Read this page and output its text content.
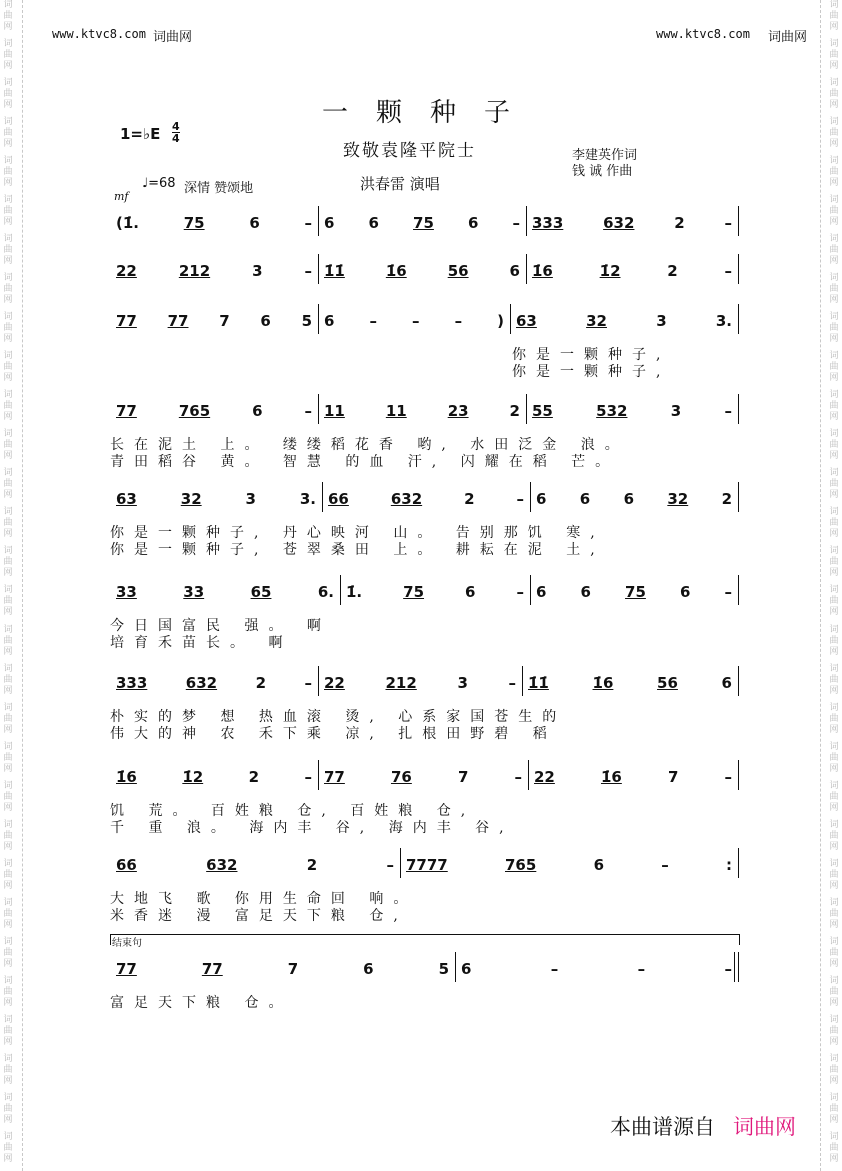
词
曲
网
词
曲
网
词
曲
网
词
曲
网
词
曲
网
词
曲
网
词
曲
网
词
曲
网
词
曲
网
词
曲
网
词
曲
网
词
曲
网
词
曲
网
词
曲
网
词
曲
网
词
曲
网
词
曲
网
词
曲
网
词
曲
网
词
曲
网
词
曲
网
词
曲
网
词
曲
网
词
曲
网
词
曲
网
词
曲
网
词
曲
网
词
曲
网
词
曲
网
词
曲
网
词
曲
网
词
曲
网
词
曲
网
词
曲
网
词
曲
网
词
曲
网
词
曲
网
词
曲
网
词
曲
网
词
曲
网
词
曲
网
词
曲
网
词
曲
网
词
曲
网
词
曲
网
词
曲
网
词
曲
网
词
曲
网
词
曲
网
词
曲
网
词
曲
网
词
曲
网
词
曲
网
词
曲
网
词
曲
网
词
曲
网
词
曲
网
词
曲
网
词
曲
网
词
曲
网
www.ktvc8.com 词曲网	www.ktvc8.com 词曲网
一颗种子
致敬袁隆平院士
1=♭E 4
4
♩=68 深情 赞颂地
mf
洪春雷 演唱
李建英作词
钱 诚 作曲
(1̇.	75	6	– 6 6 75 6 – 333	632	2	–
22	212	3	– 1̇1̇	1̇6	56	6 1̇6	1̇2	2	–
77 77 7 6 5 6 – – – ) 63	32	3	3.
你是一颗种子,
你是一颗种子,
77	765	6	– 11	11	23	2 55	532	3	–
长在泥土 上。 缕缕稻花香 哟, 水田泛金 浪。
青田稻谷 黄。 智慧 的血 汗, 闪耀在稻 芒。
63	32	3	3. 66	632	2	– 6 6 6 32 2
你是一颗种子, 丹心映河 山。 告别那饥 寒,
你是一颗种子, 苍翠桑田 上。 耕耘在泥 土,
33	33	65	6. 1̇.	75	6	– 6 6 75 6 –
今日国富民 强。 啊
培育禾苗长。 啊
333	632	2	– 22	212	3	– 1̇1̇	1̇6	56	6
朴实的梦 想 热血滚 烫, 心系家国苍生的
伟大的神 农 禾下乘 凉, 扎根田野碧 稻
1̇6	1̇2	2	– 77	76	7	– 22	1̇6	7	–
饥 荒。 百姓粮 仓, 百姓粮 仓,
千 重 浪。 海内丰 谷, 海内丰 谷,
66	632	2	– 7777	765	6	–	:
大地飞 歌 你用生命回 响。
米香迷 漫 富足天下粮 仓,
77	77	7	6	5 6	–	–	–
富足天下粮 仓。
结束句
本曲谱源自 词曲网
